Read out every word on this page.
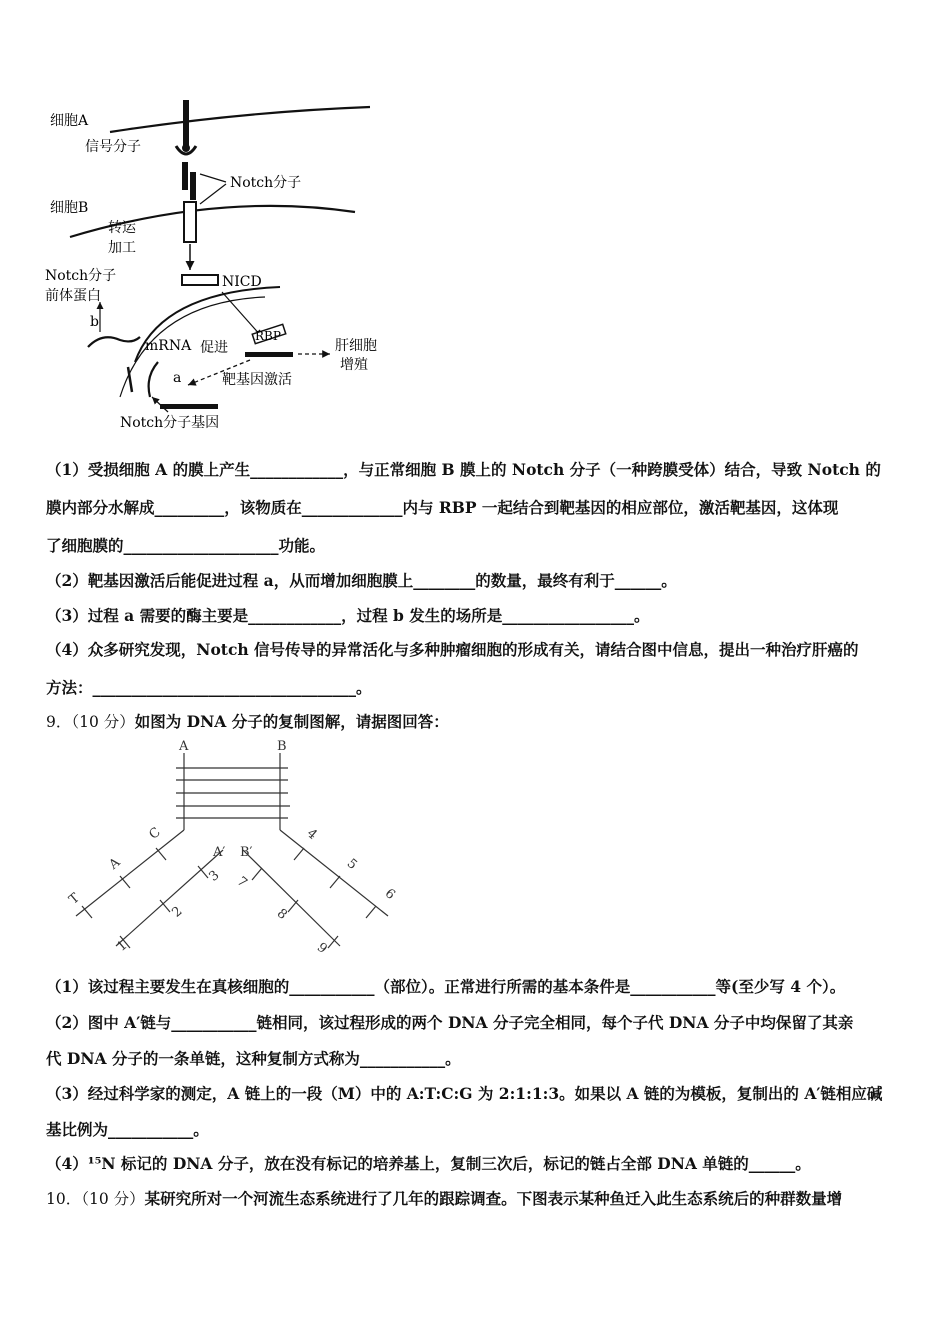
细胞A
信号分子
Notch分子
细胞B
转运
加工
NICD
Notch分子
前体蛋白
b
mRNA 促进
RBP
肝细胞
增殖
a	靶基因激活
Notch分子基因
（1）受损细胞 A 的膜上产生____________，与正常细胞 B 膜上的 Notch 分子（一种跨膜受体）结合，导致 Notch 的
膜内部分水解成_________，该物质在_____________内与 RBP 一起结合到靶基因的相应部位，激活靶基因，这体现
了细胞膜的____________________功能。
（2）靶基因激活后能促进过程 a，从而增加细胞膜上________的数量，最终有利于______。
（3）过程 a 需要的酶主要是____________，过程 b 发生的场所是_________________。
（4）众多研究发现，Notch 信号传导的异常活化与多种肿瘤细胞的形成有关，请结合图中信息，提出一种治疗肝癌的
方法：__________________________________。
9．（10 分）如图为 DNA 分子的复制图解，请据图回答：
A	B
A′ B′
C
A
T
1
2
3
4
5
6
7
8
9
（1）该过程主要发生在真核细胞的___________（部位）。正常进行所需的基本条件是___________等(至少写 4 个）。
（2）图中 A′链与___________链相同，该过程形成的两个 DNA 分子完全相同，每个子代 DNA 分子中均保留了其亲
代 DNA 分子的一条单链，这种复制方式称为___________。
（3）经过科学家的测定，A 链上的一段（M）中的 A:T:C:G 为 2:1:1:3。如果以 A 链的为模板，复制出的 A′链相应碱
基比例为___________。
（4）¹⁵N 标记的 DNA 分子，放在没有标记的培养基上，复制三次后，标记的链占全部 DNA 单链的______。
10．（10 分）某研究所对一个河流生态系统进行了几年的跟踪调查。下图表示某种鱼迁入此生态系统后的种群数量增
